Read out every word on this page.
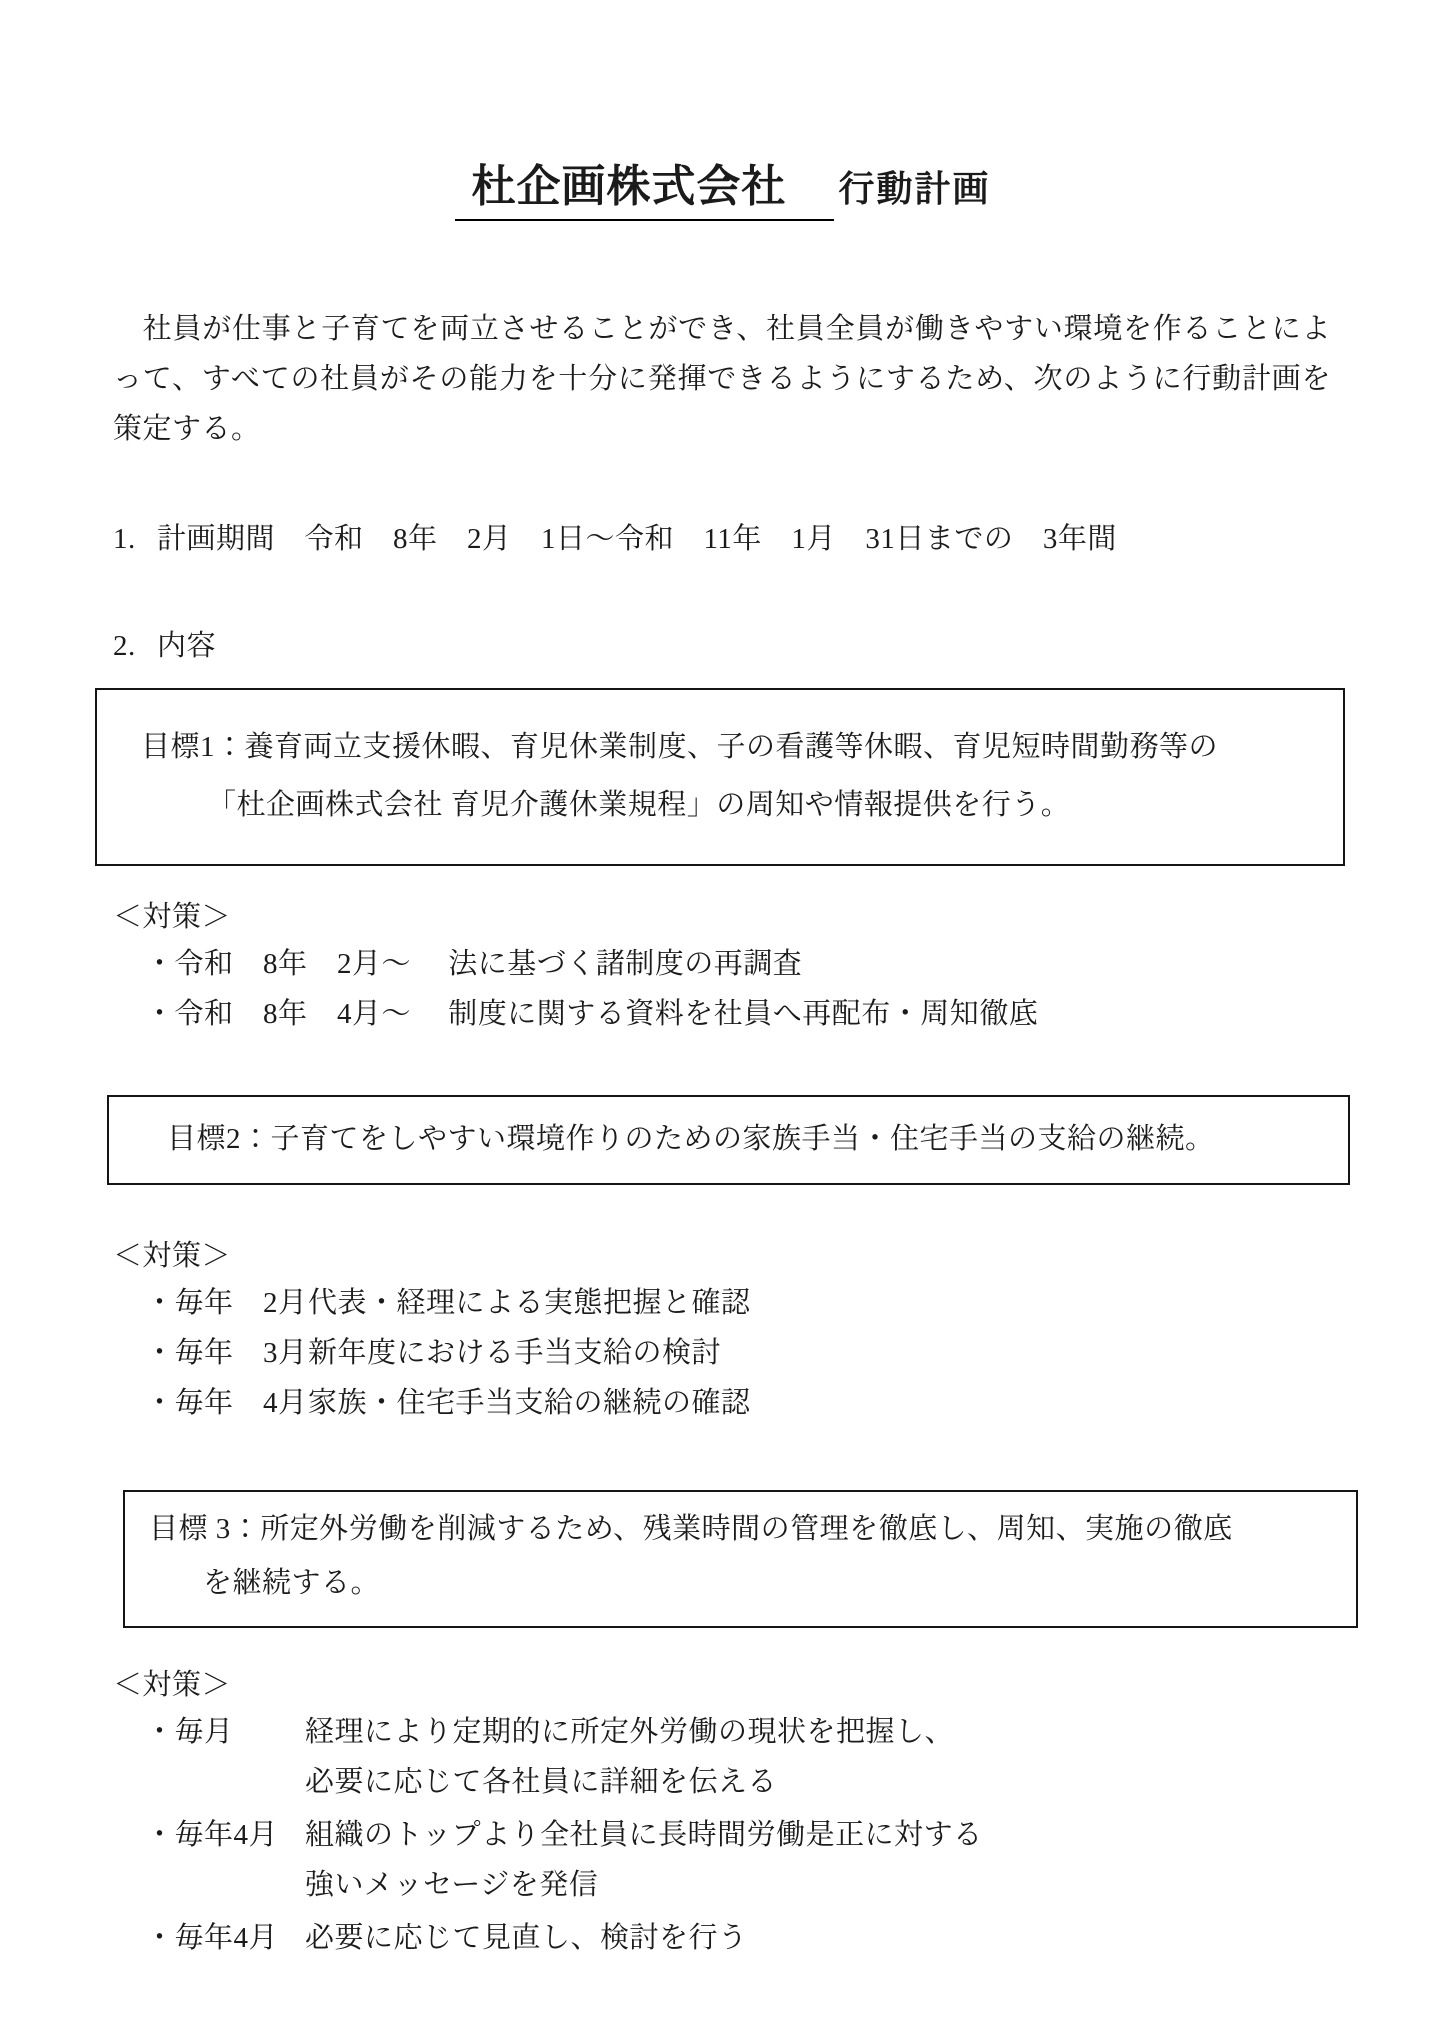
杜企画株式会社 行動計画

　社員が仕事と子育てを両立させることができ、社員全員が働きやすい環境を作ることによって、すべての社員がその能力を十分に発揮できるようにするため、次のように行動計画を策定する。

1. 計画期間　令和　8年　2月　1日～令和　11年　1月　31日までの　3年間
2. 内容
目標1：養育両立支援休暇、育児休業制度、子の看護等休暇、育児短時間勤務等の
「杜企画株式会社 育児介護休業規程」の周知や情報提供を行う。
＜対策＞
・令和　8年　2月～　 法に基づく諸制度の再調査
・令和　8年　4月～　 制度に関する資料を社員へ再配布・周知徹底
目標2：子育てをしやすい環境作りのための家族手当・住宅手当の支給の継続。
＜対策＞
・毎年　2月 代表・経理による実態把握と確認
・毎年　3月 新年度における手当支給の検討
・毎年　4月 家族・住宅手当支給の継続の確認
目標 3：所定外労働を削減するため、残業時間の管理を徹底し、周知、実施の徹底
を継続する。
＜対策＞
・毎月	経理により定期的に所定外労働の現状を把握し、
必要に応じて各社員に詳細を伝える
・毎年4月 組織のトップより全社員に長時間労働是正に対する
強いメッセージを発信
・毎年4月 必要に応じて見直し、検討を行う
